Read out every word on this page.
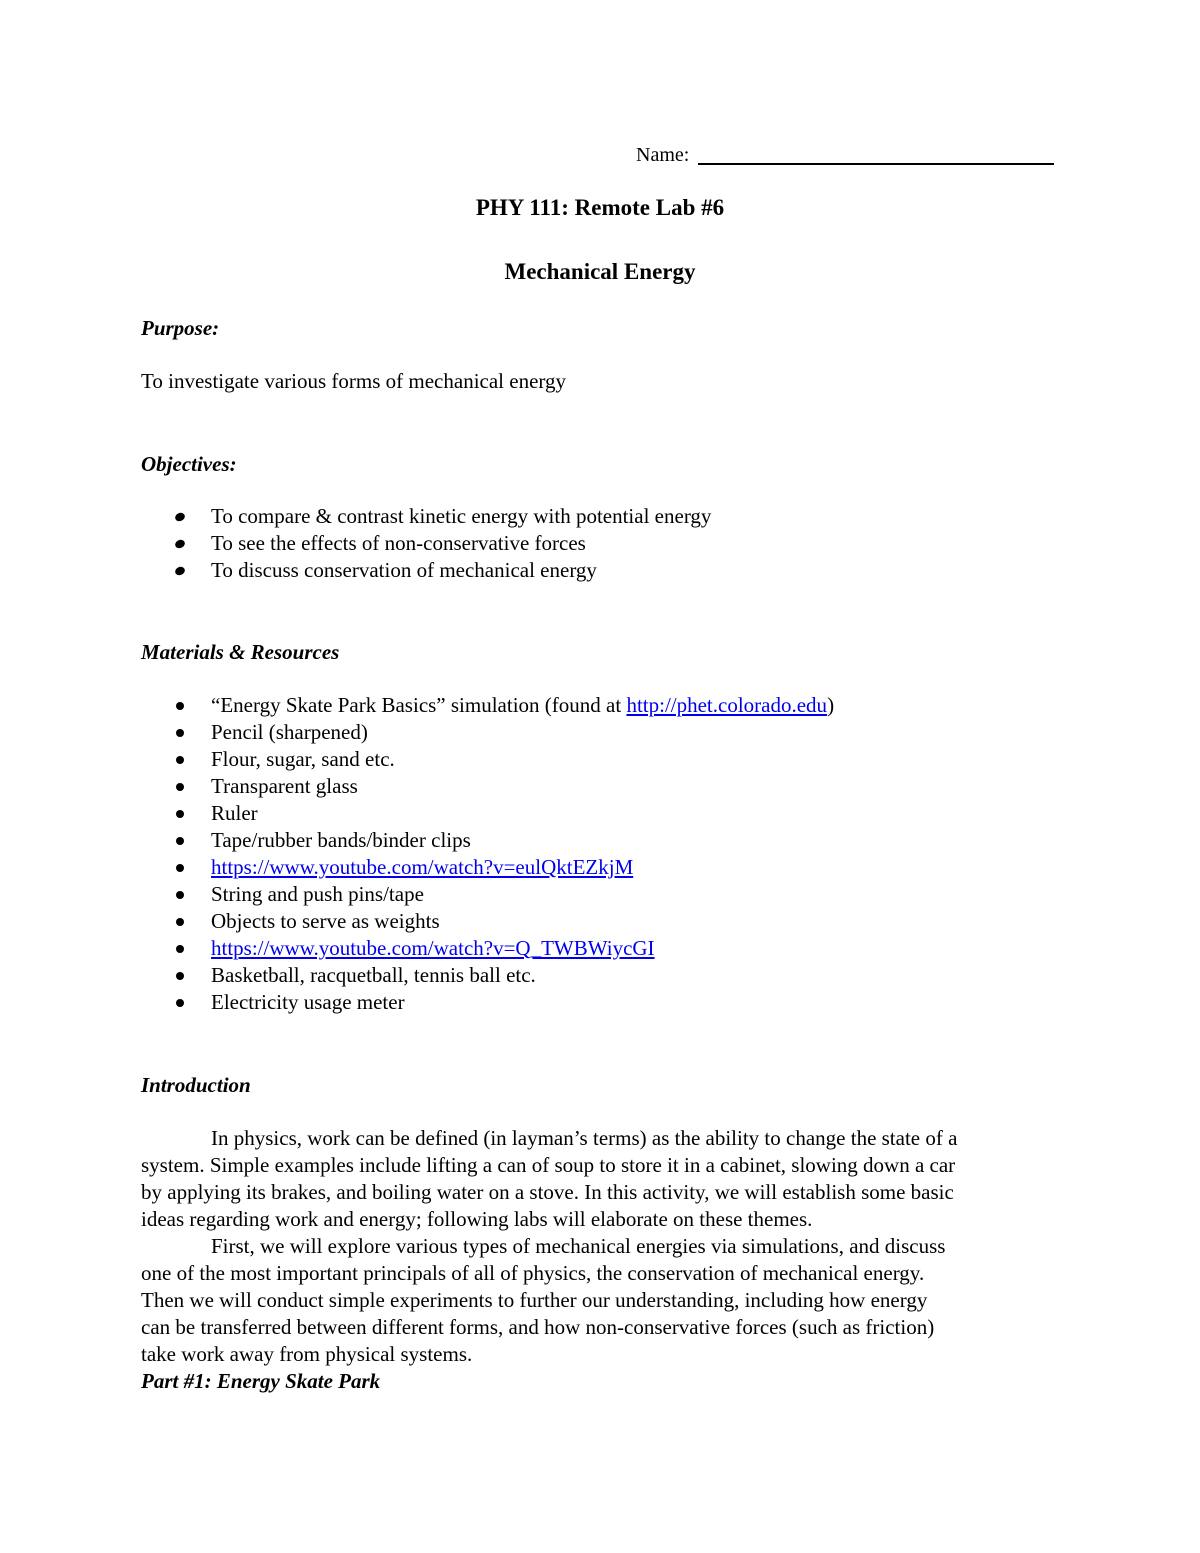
Name:
PHY 111: Remote Lab #6
Mechanical Energy
Purpose:
To investigate various forms of mechanical energy
Objectives:
To compare & contrast kinetic energy with potential energy
To see the effects of non-conservative forces
To discuss conservation of mechanical energy
Materials & Resources
“Energy Skate Park Basics” simulation (found at http://phet.colorado.edu)
Pencil (sharpened)
Flour, sugar, sand etc.
Transparent glass
Ruler
Tape/rubber bands/binder clips
https://www.youtube.com/watch?v=eulQktEZkjM
String and push pins/tape
Objects to serve as weights
https://www.youtube.com/watch?v=Q_TWBWiycGI
Basketball, racquetball, tennis ball etc.
Electricity usage meter
Introduction
In physics, work can be defined (in layman’s terms) as the ability to change the state of a
system. Simple examples include lifting a can of soup to store it in a cabinet, slowing down a car
by applying its brakes, and boiling water on a stove. In this activity, we will establish some basic
ideas regarding work and energy; following labs will elaborate on these themes.
First, we will explore various types of mechanical energies via simulations, and discuss
one of the most important principals of all of physics, the conservation of mechanical energy.
Then we will conduct simple experiments to further our understanding, including how energy
can be transferred between different forms, and how non-conservative forces (such as friction)
take work away from physical systems.
Part #1: Energy Skate Park
